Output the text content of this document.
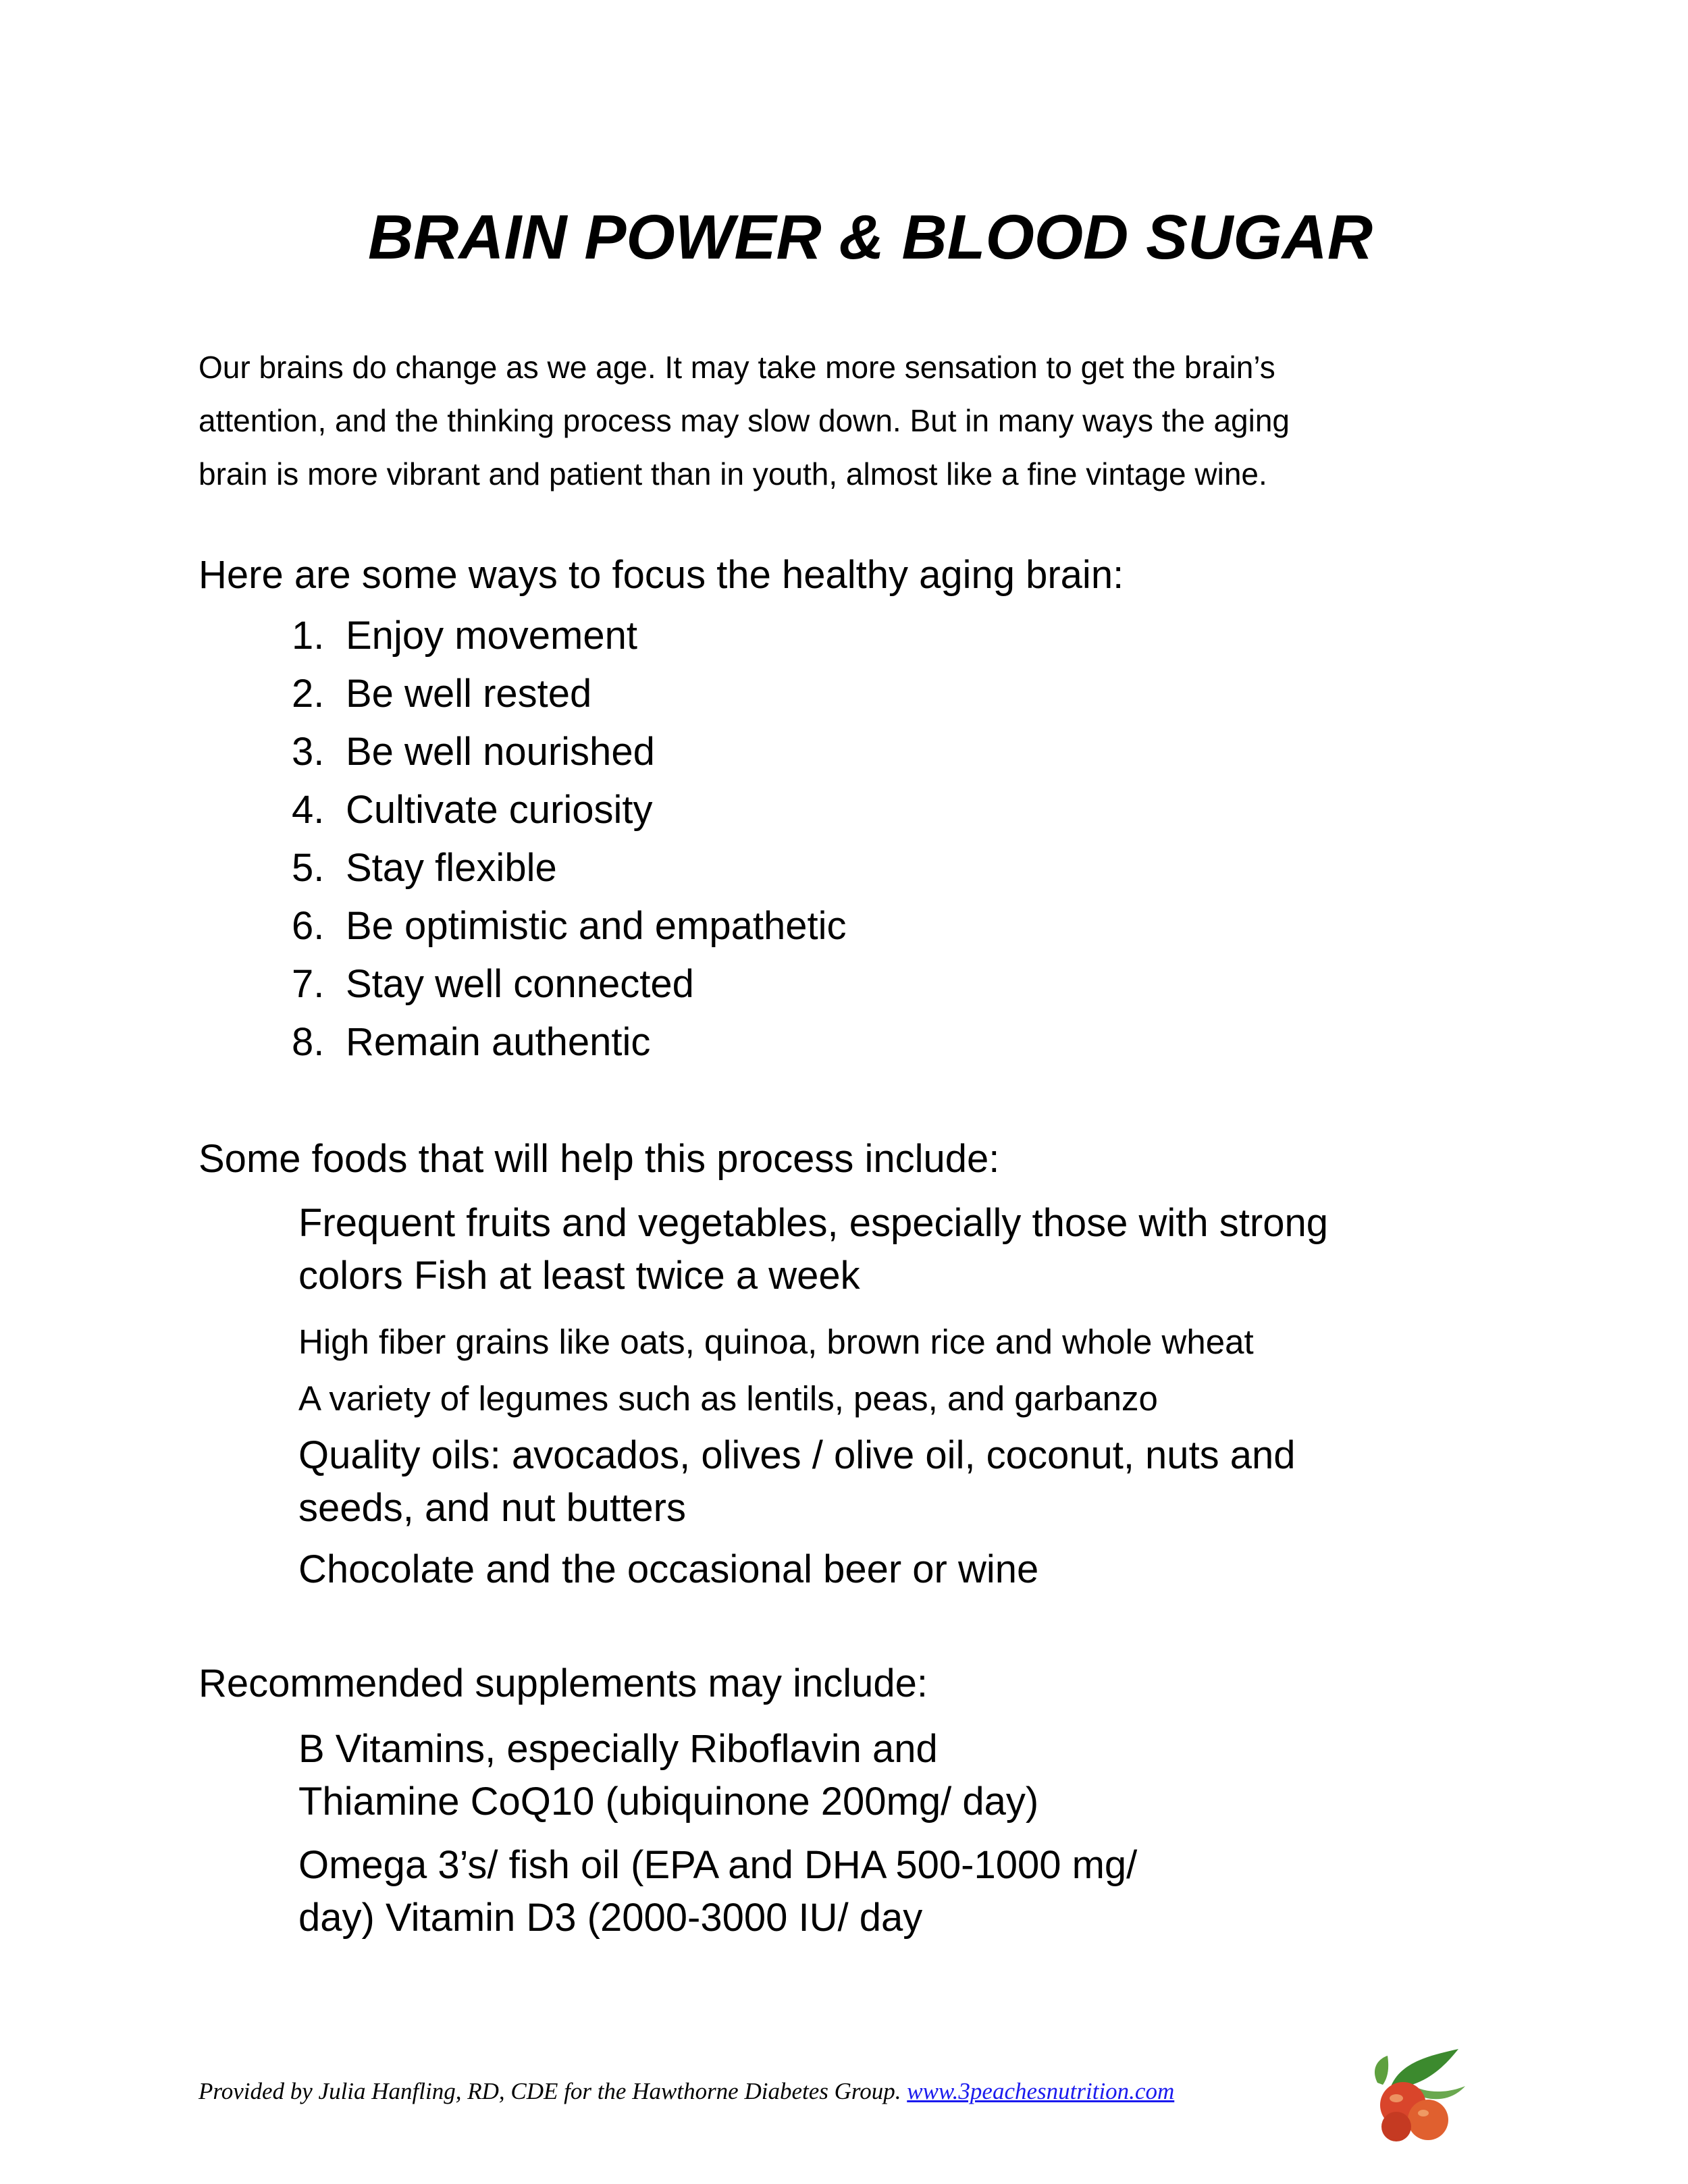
BRAIN POWER & BLOOD SUGAR
Our brains do change as we age. It may take more sensation to get the brain’s
attention, and the thinking process may slow down. But in many ways the aging
brain is more vibrant and patient than in youth, almost like a fine vintage wine.
Here are some ways to focus the healthy aging brain:
1. Enjoy movement
2. Be well rested
3. Be well nourished
4. Cultivate curiosity
5. Stay flexible
6. Be optimistic and empathetic
7. Stay well connected
8. Remain authentic
Some foods that will help this process include:
Frequent fruits and vegetables, especially those with strong
colors Fish at least twice a week
High fiber grains like oats, quinoa, brown rice and whole wheat
A variety of legumes such as lentils, peas, and garbanzo
Quality oils: avocados, olives / olive oil, coconut, nuts and
seeds, and nut butters
Chocolate and the occasional beer or wine
Recommended supplements may include:
B Vitamins, especially Riboflavin and
Thiamine CoQ10 (ubiquinone 200mg/ day)
Omega 3’s/ fish oil (EPA and DHA 500-1000 mg/
day) Vitamin D3 (2000-3000 IU/ day
Provided by Julia Hanfling, RD, CDE for the Hawthorne Diabetes Group. www.3peachesnutrition.com
